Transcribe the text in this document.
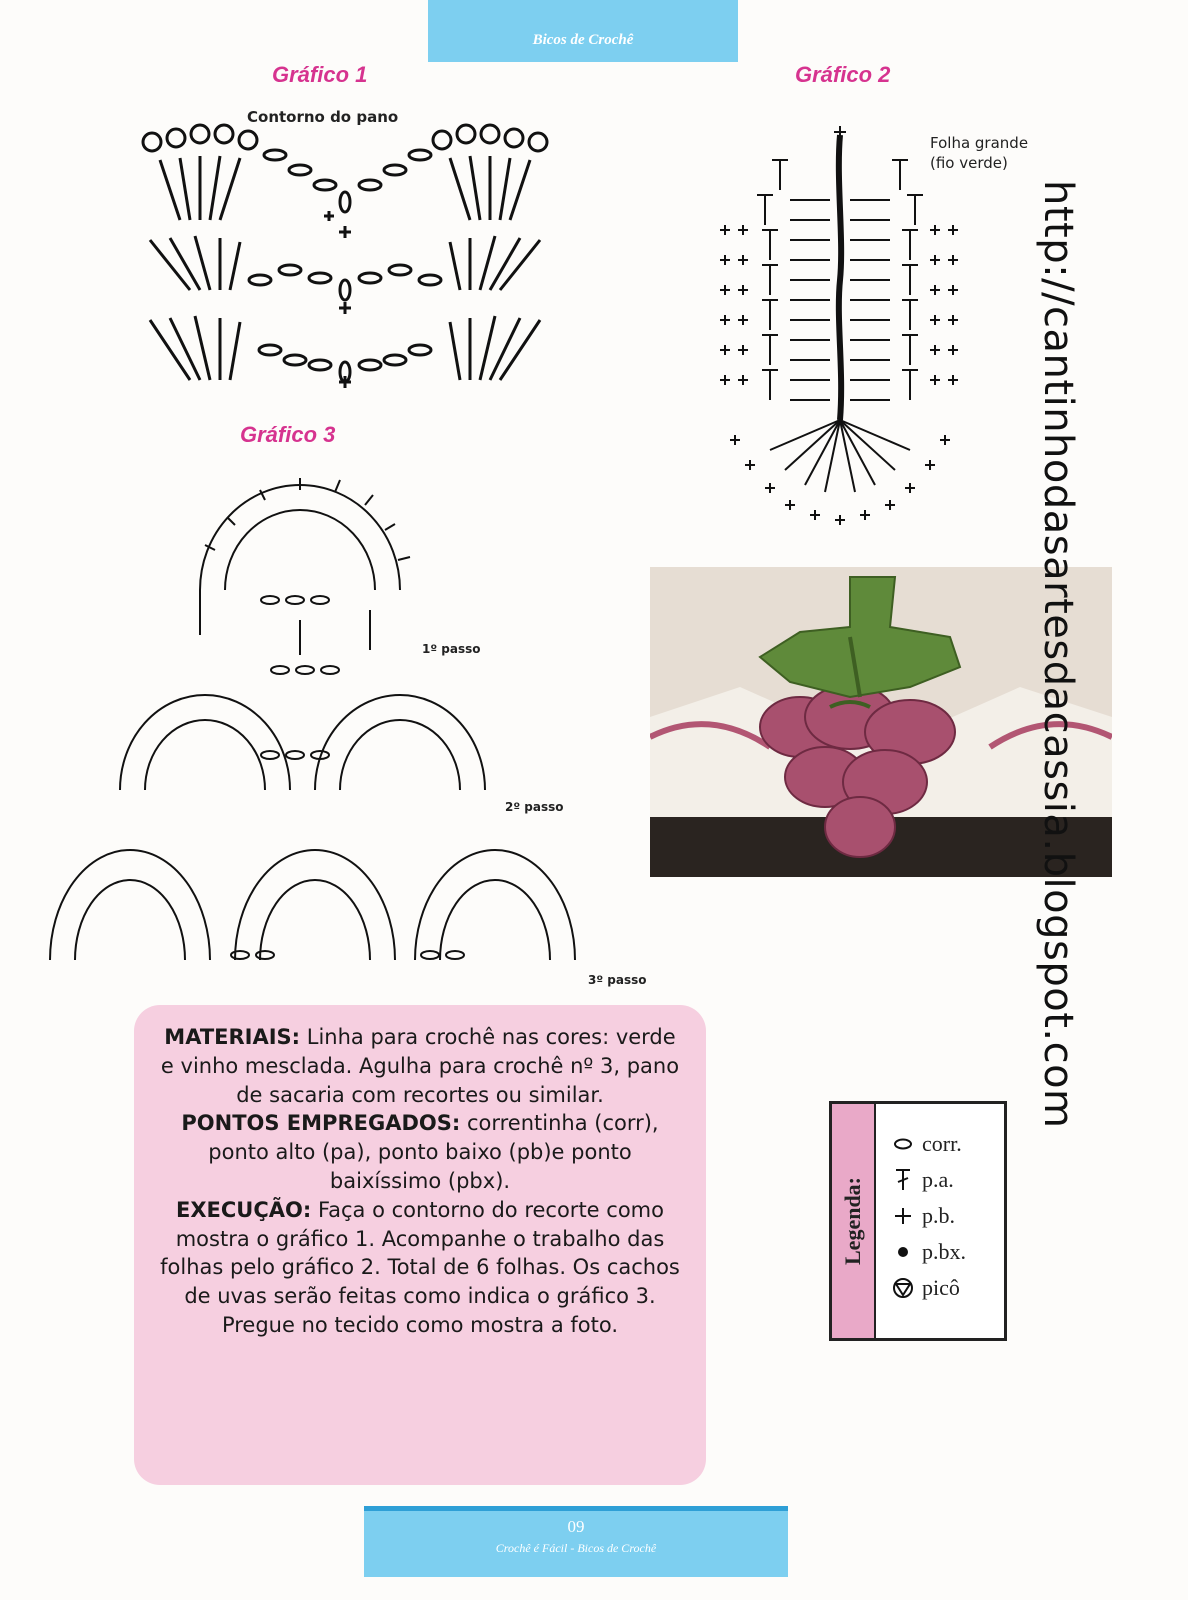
Bicos de Crochê
Gráfico 1
Contorno do pano
Gráfico 2
Folha grande
(fio verde)
Gráfico 3
1º passo
2º passo
3º passo

MATERIAIS: Linha para crochê nas cores: verde e vinho mesclada. Agulha para crochê nº 3, pano de sacaria com recortes ou similar.

PONTOS EMPREGADOS: correntinha (corr), ponto alto (pa), ponto baixo (pb)e ponto baixíssimo (pbx).

EXECUÇÃO: Faça o contorno do recorte como mostra o gráfico 1. Acompanhe o trabalho das folhas pelo gráfico 2. Total de 6 folhas. Os cachos de uvas serão feitas como indica o gráfico 3. Pregue no tecido como mostra a foto.

Legenda:
corr.
p.a.
p.b.
p.bx.
picô
http://cantinhodasartesdacassia.blogspot.com
09
Crochê é Fácil - Bicos de Crochê
